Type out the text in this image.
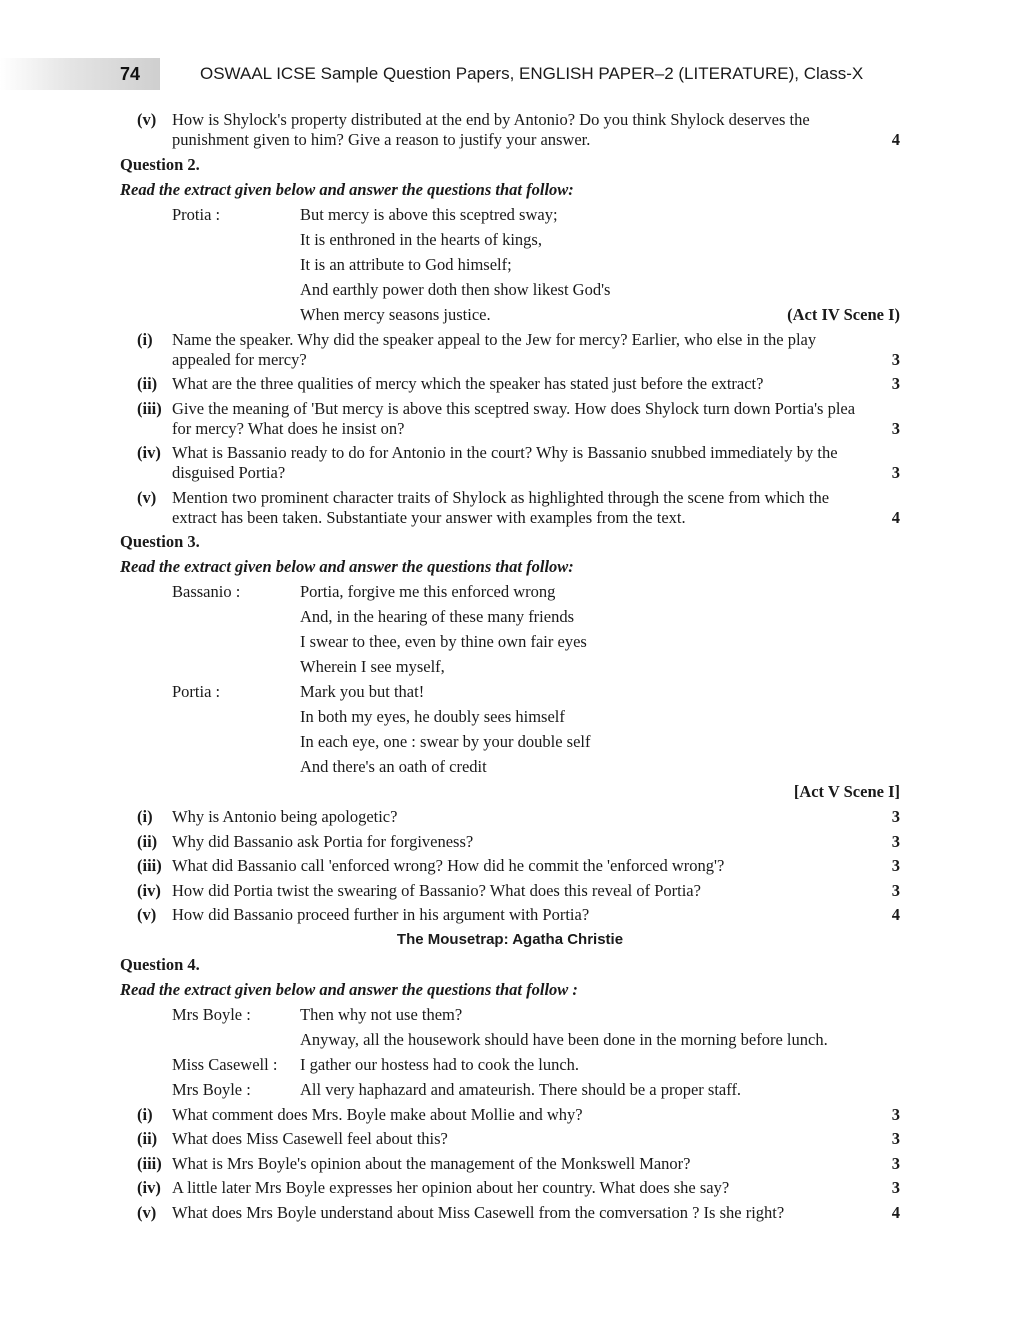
74	OSWAAL ICSE Sample Question Papers, ENGLISH PAPER–2 (LITERATURE), Class-X
(v) How is Shylock's property distributed at the end by Antonio? Do you think Shylock deserves the punishment given to him? Give a reason to justify your answer.	4
Question 2.
Read the extract given below and answer the questions that follow:
Protia :	But mercy is above this sceptred sway;
It is enthroned in the hearts of kings,
It is an attribute to God himself;
And earthly power doth then show likest God's
When mercy seasons justice.	(Act IV Scene I)
(i) Name the speaker. Why did the speaker appeal to the Jew for mercy? Earlier, who else in the play appealed for mercy?	3
(ii) What are the three qualities of mercy which the speaker has stated just before the extract?	3
(iii) Give the meaning of 'But mercy is above this sceptred sway. How does Shylock turn down Portia's plea for mercy? What does he insist on?	3
(iv) What is Bassanio ready to do for Antonio in the court? Why is Bassanio snubbed immediately by the disguised Portia?	3
(v) Mention two prominent character traits of Shylock as highlighted through the scene from which the extract has been taken. Substantiate your answer with examples from the text.	4
Question 3.
Read the extract given below and answer the questions that follow:
Bassanio :	Portia, forgive me this enforced wrong
And, in the hearing of these many friends
I swear to thee, even by thine own fair eyes
Wherein I see myself,
Portia :	Mark you but that!
In both my eyes, he doubly sees himself
In each eye, one : swear by your double self
And there's an oath of credit
[Act V Scene I]
(i) Why is Antonio being apologetic?	3
(ii) Why did Bassanio ask Portia for forgiveness?	3
(iii) What did Bassanio call 'enforced wrong? How did he commit the 'enforced wrong'?	3
(iv) How did Portia twist the swearing of Bassanio? What does this reveal of Portia?	3
(v) How did Bassanio proceed further in his argument with Portia?	4
The Mousetrap: Agatha Christie
Question 4.
Read the extract given below and answer the questions that follow :
Mrs Boyle :	Then why not use them?
Anyway, all the housework should have been done in the morning before lunch.
Miss Casewell : I gather our hostess had to cook the lunch.
Mrs Boyle :	All very haphazard and amateurish. There should be a proper staff.
(i) What comment does Mrs. Boyle make about Mollie and why?	3
(ii) What does Miss Casewell feel about this?	3
(iii) What is Mrs Boyle's opinion about the management of the Monkswell Manor?	3
(iv) A little later Mrs Boyle expresses her opinion about her country. What does she say?	3
(v) What does Mrs Boyle understand about Miss Casewell from the comversation ? Is she right?	4
